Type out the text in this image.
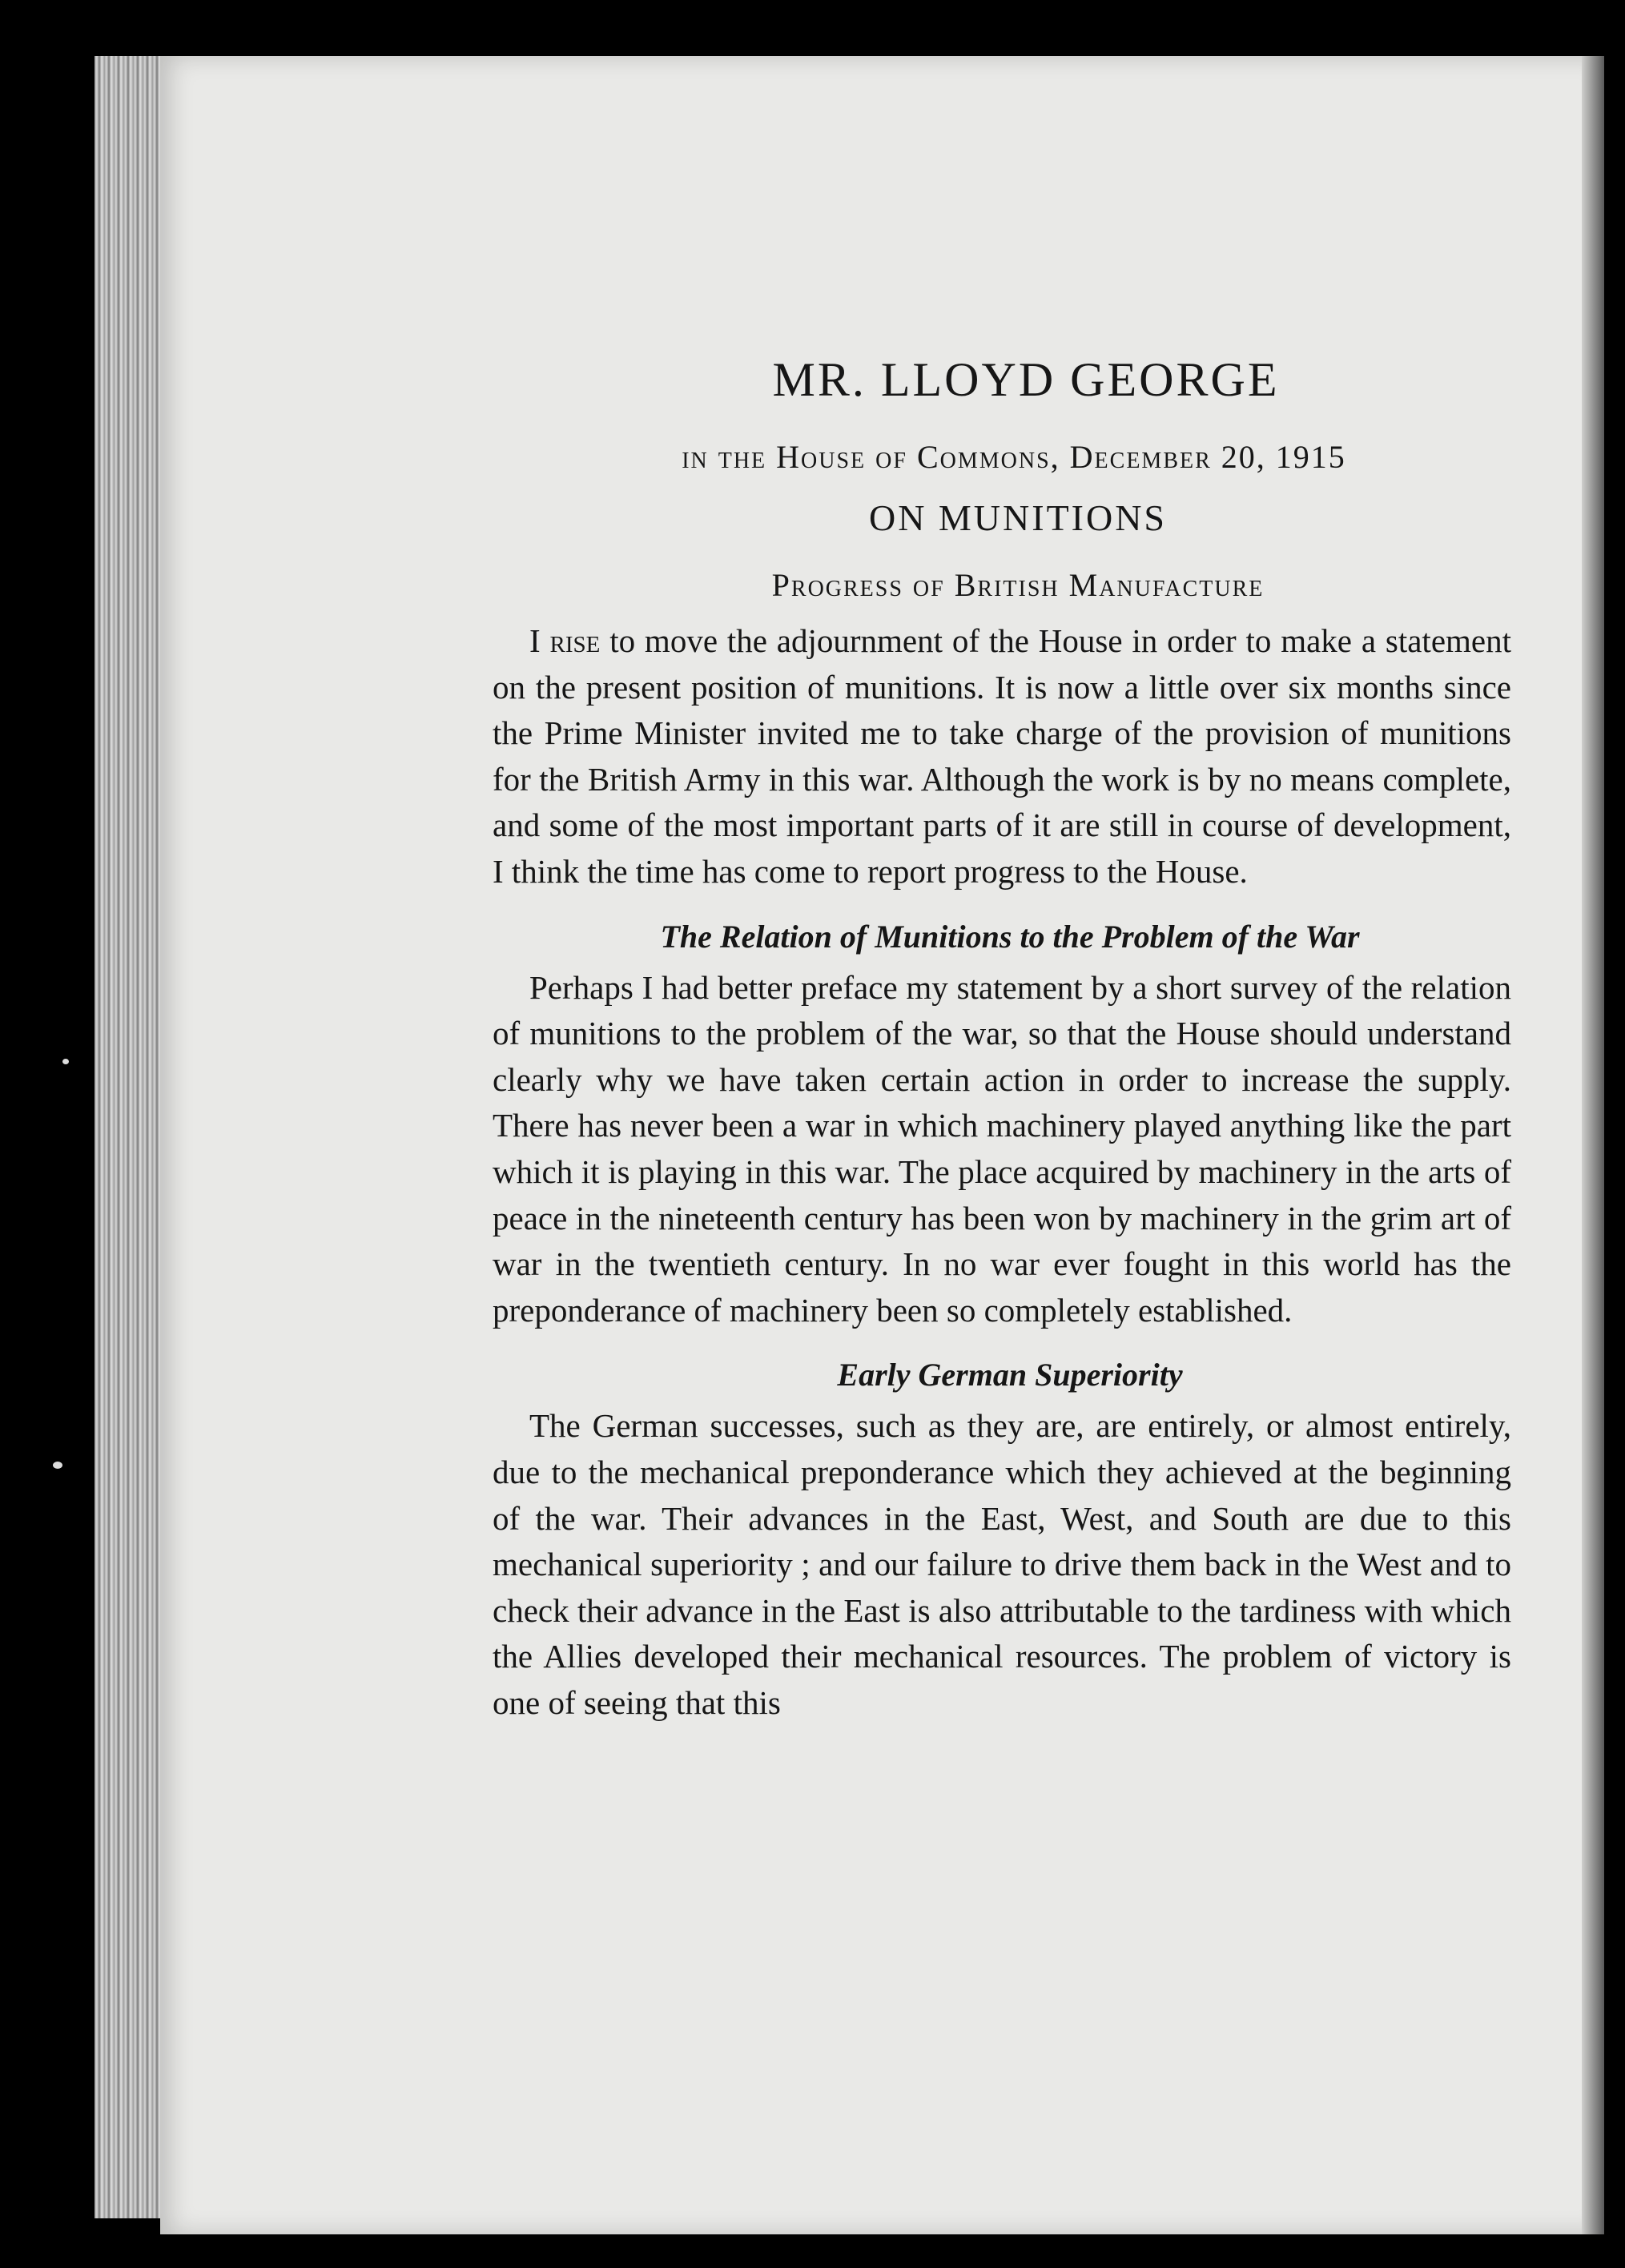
MR. LLOYD GEORGE
in the House of Commons, December 20, 1915
ON MUNITIONS
Progress of British Manufacture

I rise to move the adjournment of the House in order to make a statement on the present position of munitions. It is now a little over six months since the Prime Minister invited me to take charge of the provision of munitions for the British Army in this war. Although the work is by no means complete, and some of the most important parts of it are still in course of development, I think the time has come to report progress to the House.

The Relation of Munitions to the Problem of the War

Perhaps I had better preface my statement by a short survey of the relation of munitions to the problem of the war, so that the House should understand clearly why we have taken certain action in order to increase the supply. There has never been a war in which machinery played anything like the part which it is playing in this war. The place acquired by machinery in the arts of peace in the nineteenth century has been won by machinery in the grim art of war in the twentieth century. In no war ever fought in this world has the preponderance of machinery been so completely established.

Early German Superiority

The German successes, such as they are, are entirely, or almost entirely, due to the mechanical preponderance which they achieved at the beginning of the war. Their advances in the East, West, and South are due to this mechanical superiority ; and our failure to drive them back in the West and to check their advance in the East is also attributable to the tardiness with which the Allies developed their mechanical resources. The problem of victory is one of seeing that this
